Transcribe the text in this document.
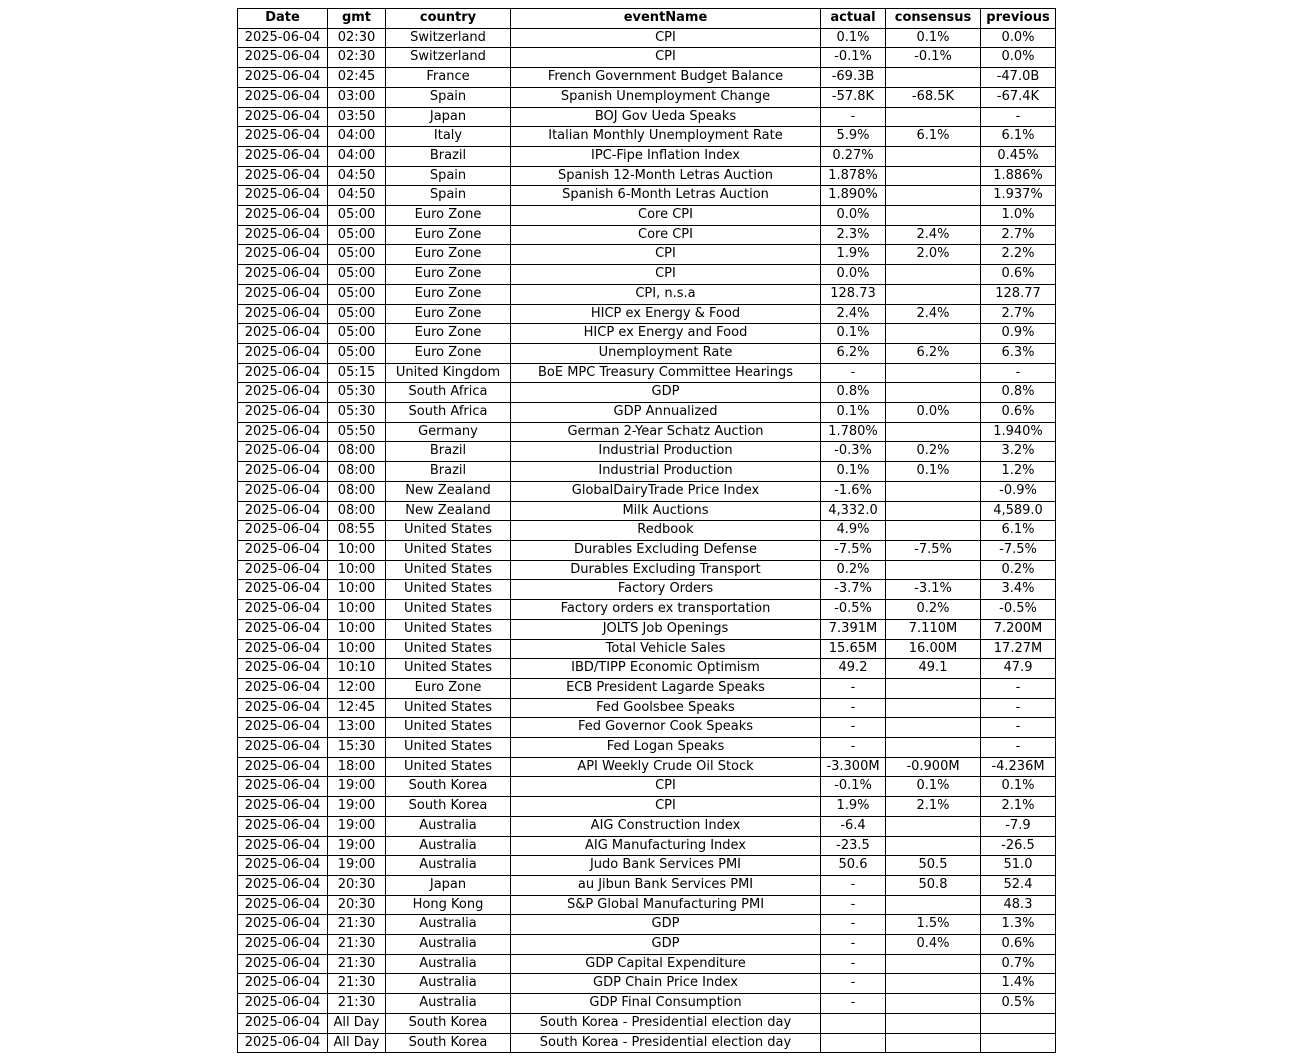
Date	gmt	country	eventName	actual	consensus	previous
2025-06-04	02:30	Switzerland	CPI	0.1%	0.1%	0.0%
2025-06-04	02:30	Switzerland	CPI	-0.1%	-0.1%	0.0%
2025-06-04	02:45	France	French Government Budget Balance	-69.3B		-47.0B
2025-06-04	03:00	Spain	Spanish Unemployment Change	-57.8K	-68.5K	-67.4K
2025-06-04	03:50	Japan	BOJ Gov Ueda Speaks	-		-
2025-06-04	04:00	Italy	Italian Monthly Unemployment Rate	5.9%	6.1%	6.1%
2025-06-04	04:00	Brazil	IPC-Fipe Inflation Index	0.27%		0.45%
2025-06-04	04:50	Spain	Spanish 12-Month Letras Auction	1.878%		1.886%
2025-06-04	04:50	Spain	Spanish 6-Month Letras Auction	1.890%		1.937%
2025-06-04	05:00	Euro Zone	Core CPI	0.0%		1.0%
2025-06-04	05:00	Euro Zone	Core CPI	2.3%	2.4%	2.7%
2025-06-04	05:00	Euro Zone	CPI	1.9%	2.0%	2.2%
2025-06-04	05:00	Euro Zone	CPI	0.0%		0.6%
2025-06-04	05:00	Euro Zone	CPI, n.s.a	128.73		128.77
2025-06-04	05:00	Euro Zone	HICP ex Energy & Food	2.4%	2.4%	2.7%
2025-06-04	05:00	Euro Zone	HICP ex Energy and Food	0.1%		0.9%
2025-06-04	05:00	Euro Zone	Unemployment Rate	6.2%	6.2%	6.3%
2025-06-04	05:15	United Kingdom	BoE MPC Treasury Committee Hearings	-		-
2025-06-04	05:30	South Africa	GDP	0.8%		0.8%
2025-06-04	05:30	South Africa	GDP Annualized	0.1%	0.0%	0.6%
2025-06-04	05:50	Germany	German 2-Year Schatz Auction	1.780%		1.940%
2025-06-04	08:00	Brazil	Industrial Production	-0.3%	0.2%	3.2%
2025-06-04	08:00	Brazil	Industrial Production	0.1%	0.1%	1.2%
2025-06-04	08:00	New Zealand	GlobalDairyTrade Price Index	-1.6%		-0.9%
2025-06-04	08:00	New Zealand	Milk Auctions	4,332.0		4,589.0
2025-06-04	08:55	United States	Redbook	4.9%		6.1%
2025-06-04	10:00	United States	Durables Excluding Defense	-7.5%	-7.5%	-7.5%
2025-06-04	10:00	United States	Durables Excluding Transport	0.2%		0.2%
2025-06-04	10:00	United States	Factory Orders	-3.7%	-3.1%	3.4%
2025-06-04	10:00	United States	Factory orders ex transportation	-0.5%	0.2%	-0.5%
2025-06-04	10:00	United States	JOLTS Job Openings	7.391M	7.110M	7.200M
2025-06-04	10:00	United States	Total Vehicle Sales	15.65M	16.00M	17.27M
2025-06-04	10:10	United States	IBD/TIPP Economic Optimism	49.2	49.1	47.9
2025-06-04	12:00	Euro Zone	ECB President Lagarde Speaks	-		-
2025-06-04	12:45	United States	Fed Goolsbee Speaks	-		-
2025-06-04	13:00	United States	Fed Governor Cook Speaks	-		-
2025-06-04	15:30	United States	Fed Logan Speaks	-		-
2025-06-04	18:00	United States	API Weekly Crude Oil Stock	-3.300M	-0.900M	-4.236M
2025-06-04	19:00	South Korea	CPI	-0.1%	0.1%	0.1%
2025-06-04	19:00	South Korea	CPI	1.9%	2.1%	2.1%
2025-06-04	19:00	Australia	AIG Construction Index	-6.4		-7.9
2025-06-04	19:00	Australia	AIG Manufacturing Index	-23.5		-26.5
2025-06-04	19:00	Australia	Judo Bank Services PMI	50.6	50.5	51.0
2025-06-04	20:30	Japan	au Jibun Bank Services PMI	-	50.8	52.4
2025-06-04	20:30	Hong Kong	S&P Global Manufacturing PMI	-		48.3
2025-06-04	21:30	Australia	GDP	-	1.5%	1.3%
2025-06-04	21:30	Australia	GDP	-	0.4%	0.6%
2025-06-04	21:30	Australia	GDP Capital Expenditure	-		0.7%
2025-06-04	21:30	Australia	GDP Chain Price Index	-		1.4%
2025-06-04	21:30	Australia	GDP Final Consumption	-		0.5%
2025-06-04	All Day	South Korea	South Korea - Presidential election day			
2025-06-04	All Day	South Korea	South Korea - Presidential election day			
